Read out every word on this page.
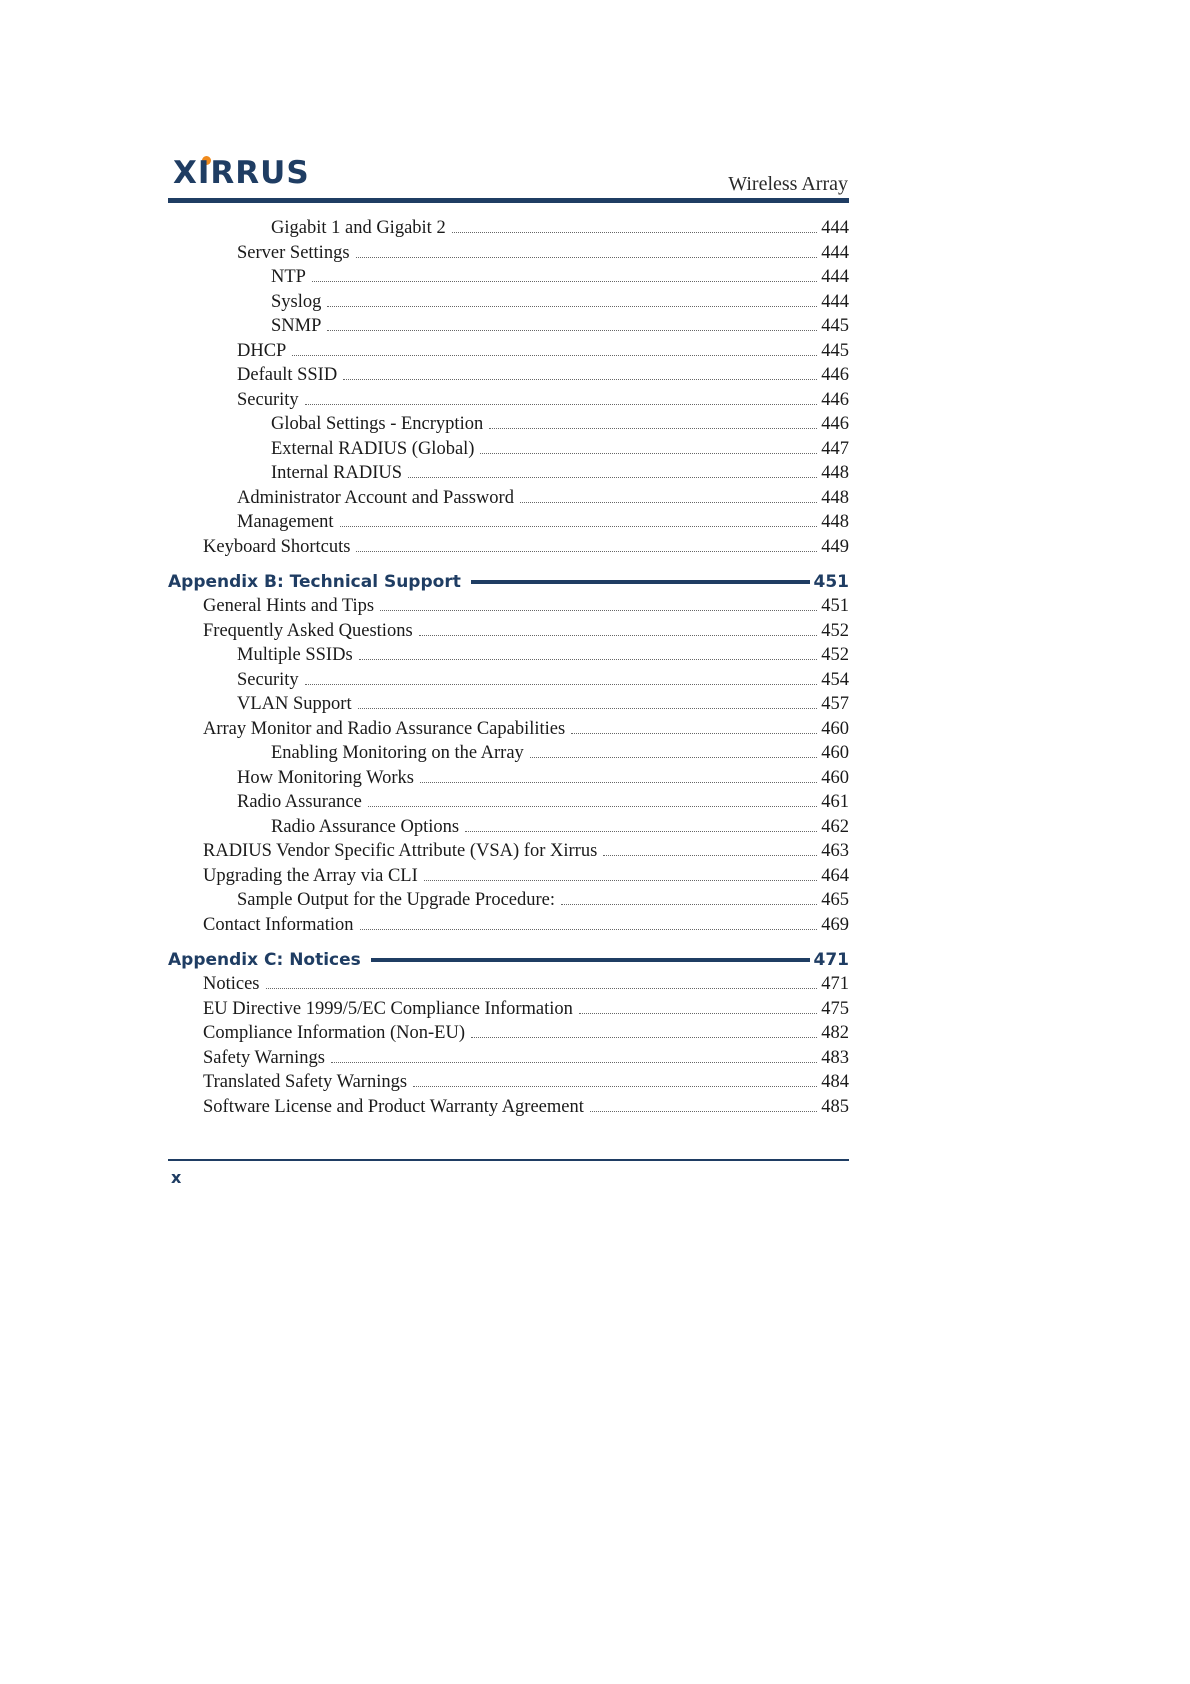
XIRRUS	Wireless Array
Gigabit 1 and Gigabit 2	444
Server Settings	444
NTP	444
Syslog	444
SNMP	445
DHCP	445
Default SSID	446
Security	446
Global Settings - Encryption	446
External RADIUS (Global)	447
Internal RADIUS	448
Administrator Account and Password	448
Management	448
Keyboard Shortcuts	449
Appendix B: Technical Support	451
General Hints and Tips	451
Frequently Asked Questions	452
Multiple SSIDs	452
Security	454
VLAN Support	457
Array Monitor and Radio Assurance Capabilities	460
Enabling Monitoring on the Array	460
How Monitoring Works	460
Radio Assurance	461
Radio Assurance Options	462
RADIUS Vendor Specific Attribute (VSA) for Xirrus	463
Upgrading the Array via CLI	464
Sample Output for the Upgrade Procedure:	465
Contact Information	469
Appendix C: Notices	471
Notices	471
EU Directive 1999/5/EC Compliance Information	475
Compliance Information (Non-EU)	482
Safety Warnings	483
Translated Safety Warnings	484
Software License and Product Warranty Agreement	485
x
